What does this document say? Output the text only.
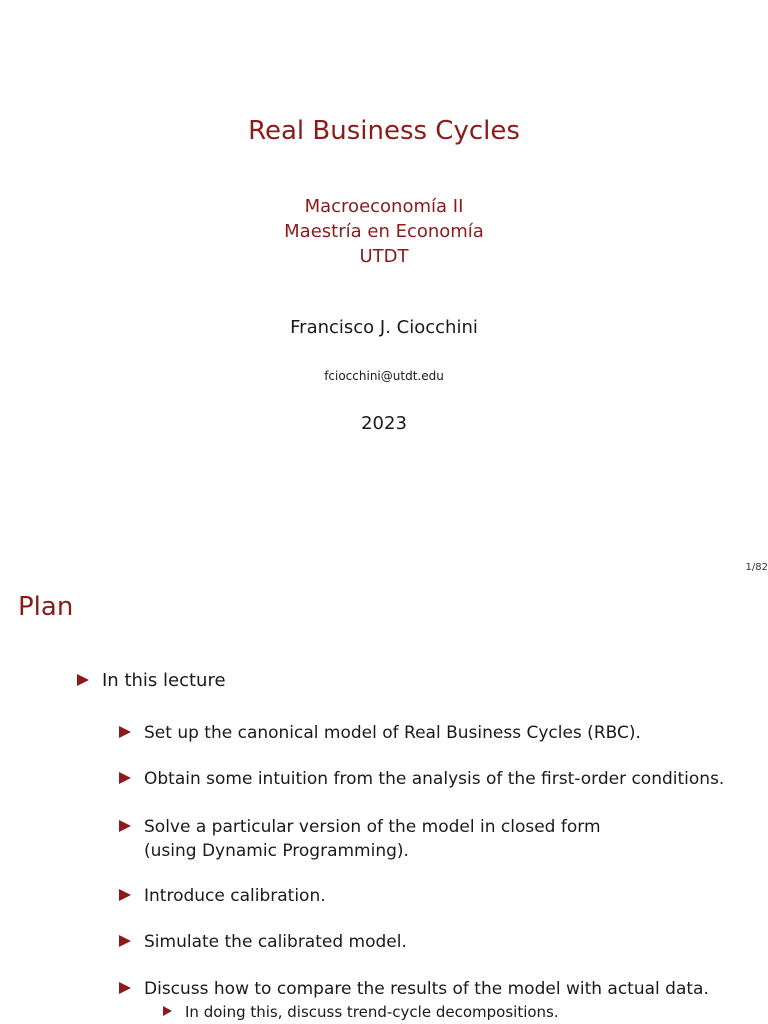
Real Business Cycles
Macroeconomía II
Maestría en Economía
UTDT
Francisco J. Ciocchini
fciocchini@utdt.edu
2023
1/82
Plan
In this lecture
Set up the canonical model of Real Business Cycles (RBC).
Obtain some intuition from the analysis of the first-order conditions.
Solve a particular version of the model in closed form
(using Dynamic Programming).
Introduce calibration.
Simulate the calibrated model.
Discuss how to compare the results of the model with actual data.
In doing this, discuss trend-cycle decompositions.
